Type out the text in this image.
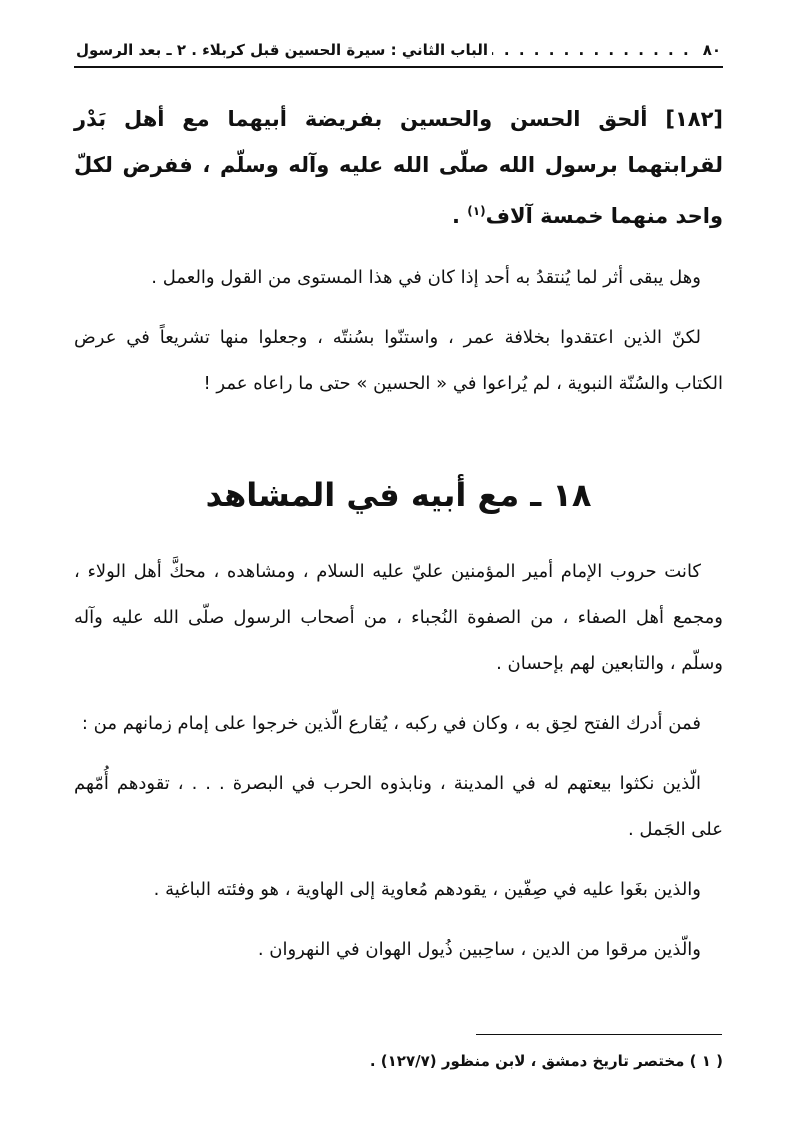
٨٠
. . .
الباب الثاني : سيرة الحسين قبل كربلاء . ٢ ـ بعد الرسول

[١٨٢] ألحق الحسن والحسين بفريضة أبيهما مع أهل بَدْر لقرابتهما برسول الله صلّى الله عليه وآله وسلّم ، ففرض لكلّ واحد منهما خمسة آلاف$^{(١)}$ .

وهل يبقى أثر لما يُنتقدُ به أحد إذا كان في هذا المستوى من القول والعمل .

لكنّ الذين اعتقدوا بخلافة عمر ، واستنّوا بسُنتّه ، وجعلوا منها تشريعاً في عرض الكتاب والسُنّة النبوية ، لم يُراعوا في « الحسين » حتى ما راعاه عمر !

١٨ ـ مع أبيه في المشاهد

كانت حروب الإمام أمير المؤمنين عليّ عليه السلام ، ومشاهده ، محكَّ أهل الولاء ، ومجمع أهل الصفاء ، من الصفوة النُجباء ، من أصحاب الرسول صلّى الله عليه وآله وسلّم ، والتابعين لهم بإحسان .

فمن أدرك الفتح لحِق به ، وكان في ركبه ، يُقارع الّذين خرجوا على إمام زمانهم من :

الّذين نكثوا بيعتهم له في المدينة ، ونابذوه الحرب في البصرة . . . ، تقودهم أُمّهم على الجَمل .

والذين بغَوا عليه في صِفّين ، يقودهم مُعاوية إلى الهاوية ، هو وفئته الباغية .

والّذين مرقوا من الدين ، ساحِبين ذُيول الهوان في النهروان .

( ١ ) مختصر تاريخ دمشق ، لابن منظور (١٢٧/٧) .
